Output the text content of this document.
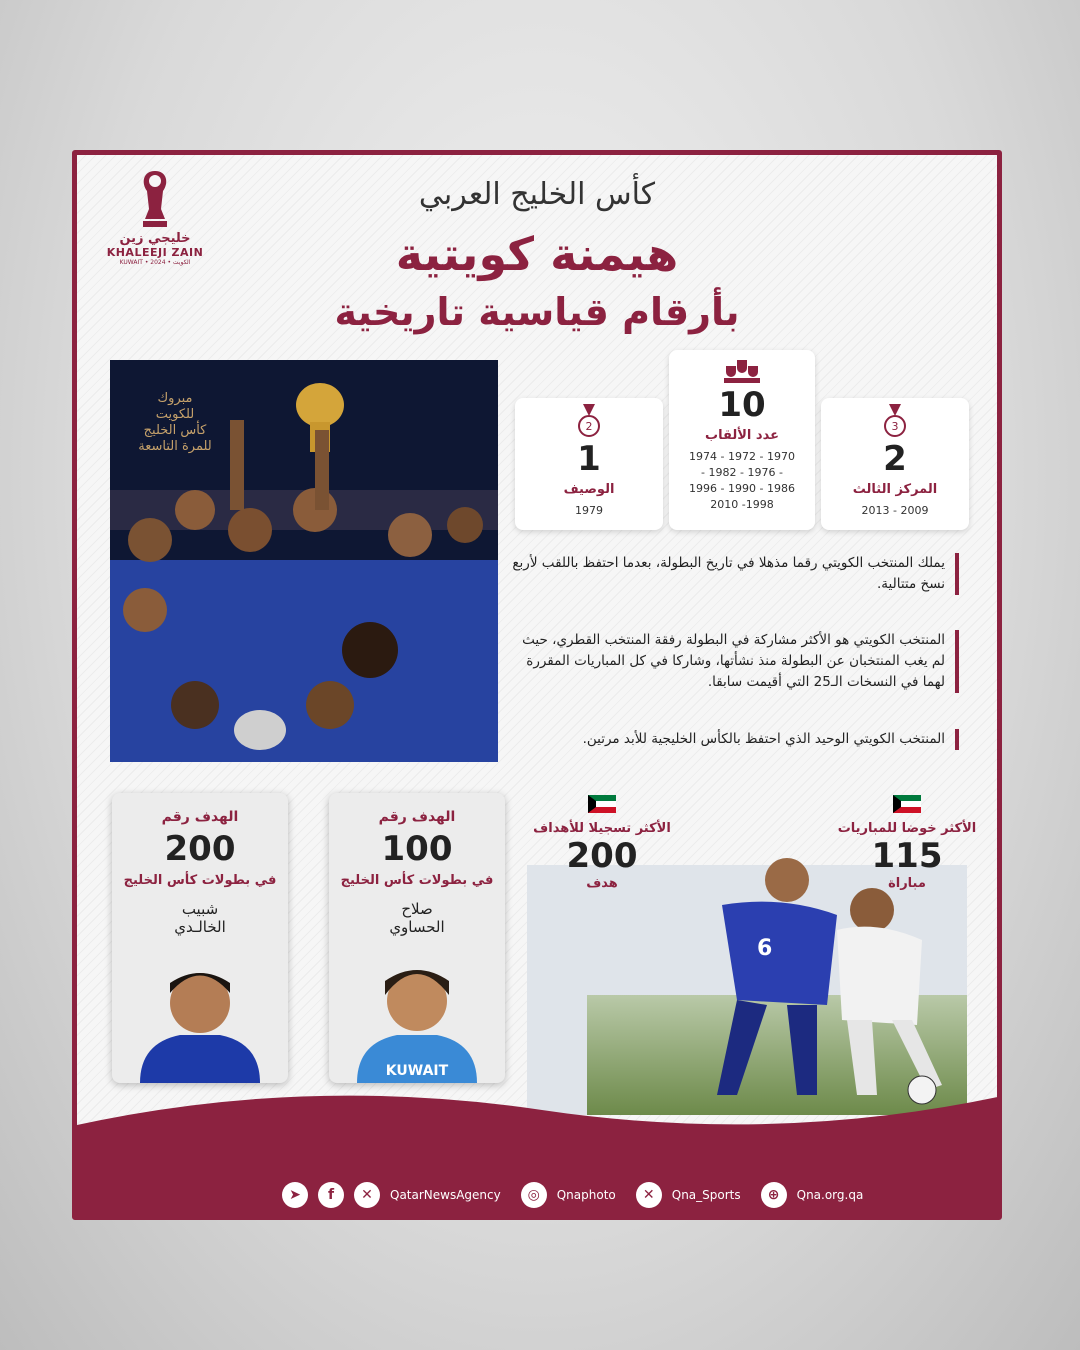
خليجي زين
KHALEEJI ZAIN
KUWAIT • 2024 • الكويت
كأس الخليج العربي
هيمنة كويتية
بأرقام قياسية تاريخية
مبروك
للكويت
كأس الخليج
للمرة التاسعة
2
1
الوصيف
1979
10
عدد الألقاب
1974 - 1972 - 1970
- 1982 - 1976 -
1996 - 1990 - 1986
2010 -1998
3
2
المركز الثالث
2013 - 2009
يملك المنتخب الكويتي رقما مذهلا في تاريخ البطولة، بعدما احتفظ باللقب لأربع نسخ متتالية.
المنتخب الكويتي هو الأكثر مشاركة في البطولة رفقة المنتخب القطري، حيث لم يغب المنتخبان عن البطولة منذ نشأتها، وشاركا في كل المباريات المقررة لهما في النسخات الـ25 التي أقيمت سابقا.
المنتخب الكويتي الوحيد الذي احتفظ بالكأس الخليجية للأبد مرتين.
الهدف رقم
200
في بطولات كأس الخليج
شبيب
الخالـدي
الهدف رقم
100
في بطولات كأس الخليج
صلاح
الحساوي
KUWAIT
6
الأكثر تسجيلا للأهداف
200
هدف
الأكثر خوضا للمباريات
115
مباراة
➤	f	✕	QatarNewsAgency	◎	Qnaphoto	✕	Qna_Sports	⊕	Qna.org.qa
